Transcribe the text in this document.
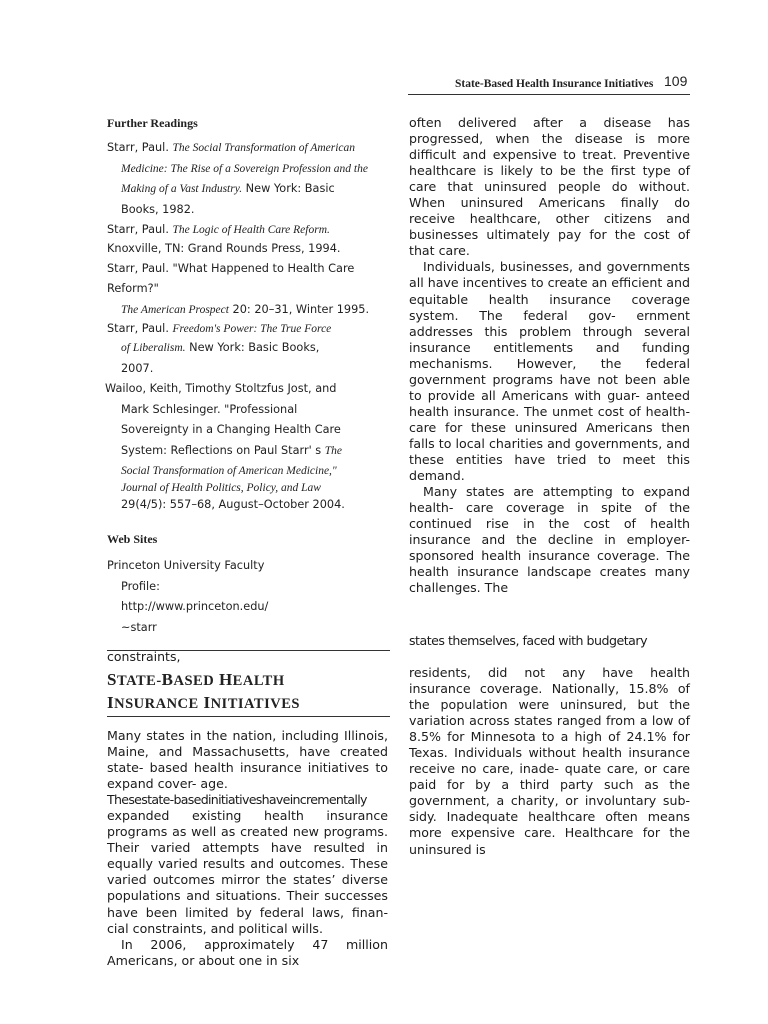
State-Based Health Insurance Initiatives 109
Further Readings
Starr, Paul. The Social Transformation of American
Medicine: The Rise of a Sovereign Profession and the
Making of a Vast Industry. New York: Basic
Books, 1982.
Starr, Paul. The Logic of Health Care Reform.
Knoxville, TN: Grand Rounds Press, 1994.
Starr, Paul. "What Happened to Health Care
Reform?"
The American Prospect 20: 20–31, Winter 1995.
Starr, Paul. Freedom's Power: The True Force
of Liberalism. New York: Basic Books,
2007.
Wailoo, Keith, Timothy Stoltzfus Jost, and
Mark Schlesinger. "Professional
Sovereignty in a Changing Health Care
System: Reflections on Paul Starr' s The
Social Transformation of American Medicine,"
Journal of Health Politics, Policy, and Law
29(4/5): 557–68, August–October 2004.
Web Sites
Princeton University Faculty
Profile:
http://www.princeton.edu/
~starr
constraints,
STATE-BASED HEALTH
INSURANCE INITIATIVES

Many states in the nation, including Illinois, Maine, and Massachusetts, have created state- based health insurance initiatives to expand cover- age.

Thesestate-basedinitiativeshaveincrementally

expanded existing health insurance programs as well as created new programs. Their varied attempts have resulted in equally varied results and outcomes. These varied outcomes mirror the states’ diverse populations and situations. Their successes have been limited by federal laws, finan- cial constraints, and political wills.

In 2006, approximately 47 million Americans, or about one in six

often delivered after a disease has progressed, when the disease is more difficult and expensive to treat. Preventive healthcare is likely to be the first type of care that uninsured people do without. When uninsured Americans finally do receive healthcare, other citizens and businesses ultimately pay for the cost of that care.

Individuals, businesses, and governments all have incentives to create an efficient and equitable health insurance coverage system. The federal gov- ernment addresses this problem through several insurance entitlements and funding mechanisms. However, the federal government programs have not been able to provide all Americans with guar- anteed health insurance. The unmet cost of health- care for these uninsured Americans then falls to local charities and governments, and these entities have tried to meet this demand.

Many states are attempting to expand health- care coverage in spite of the continued rise in the cost of health insurance and the decline in employer-sponsored health insurance coverage. The health insurance landscape creates many challenges. The

states themselves, faced with budgetary

residents, did not any have health insurance coverage. Nationally, 15.8% of the population were uninsured, but the variation across states ranged from a low of 8.5% for Minnesota to a high of 24.1% for Texas. Individuals without health insurance receive no care, inade- quate care, or care paid for by a third party such as the government, a charity, or involuntary sub- sidy. Inadequate healthcare often means more expensive care. Healthcare for the uninsured is
